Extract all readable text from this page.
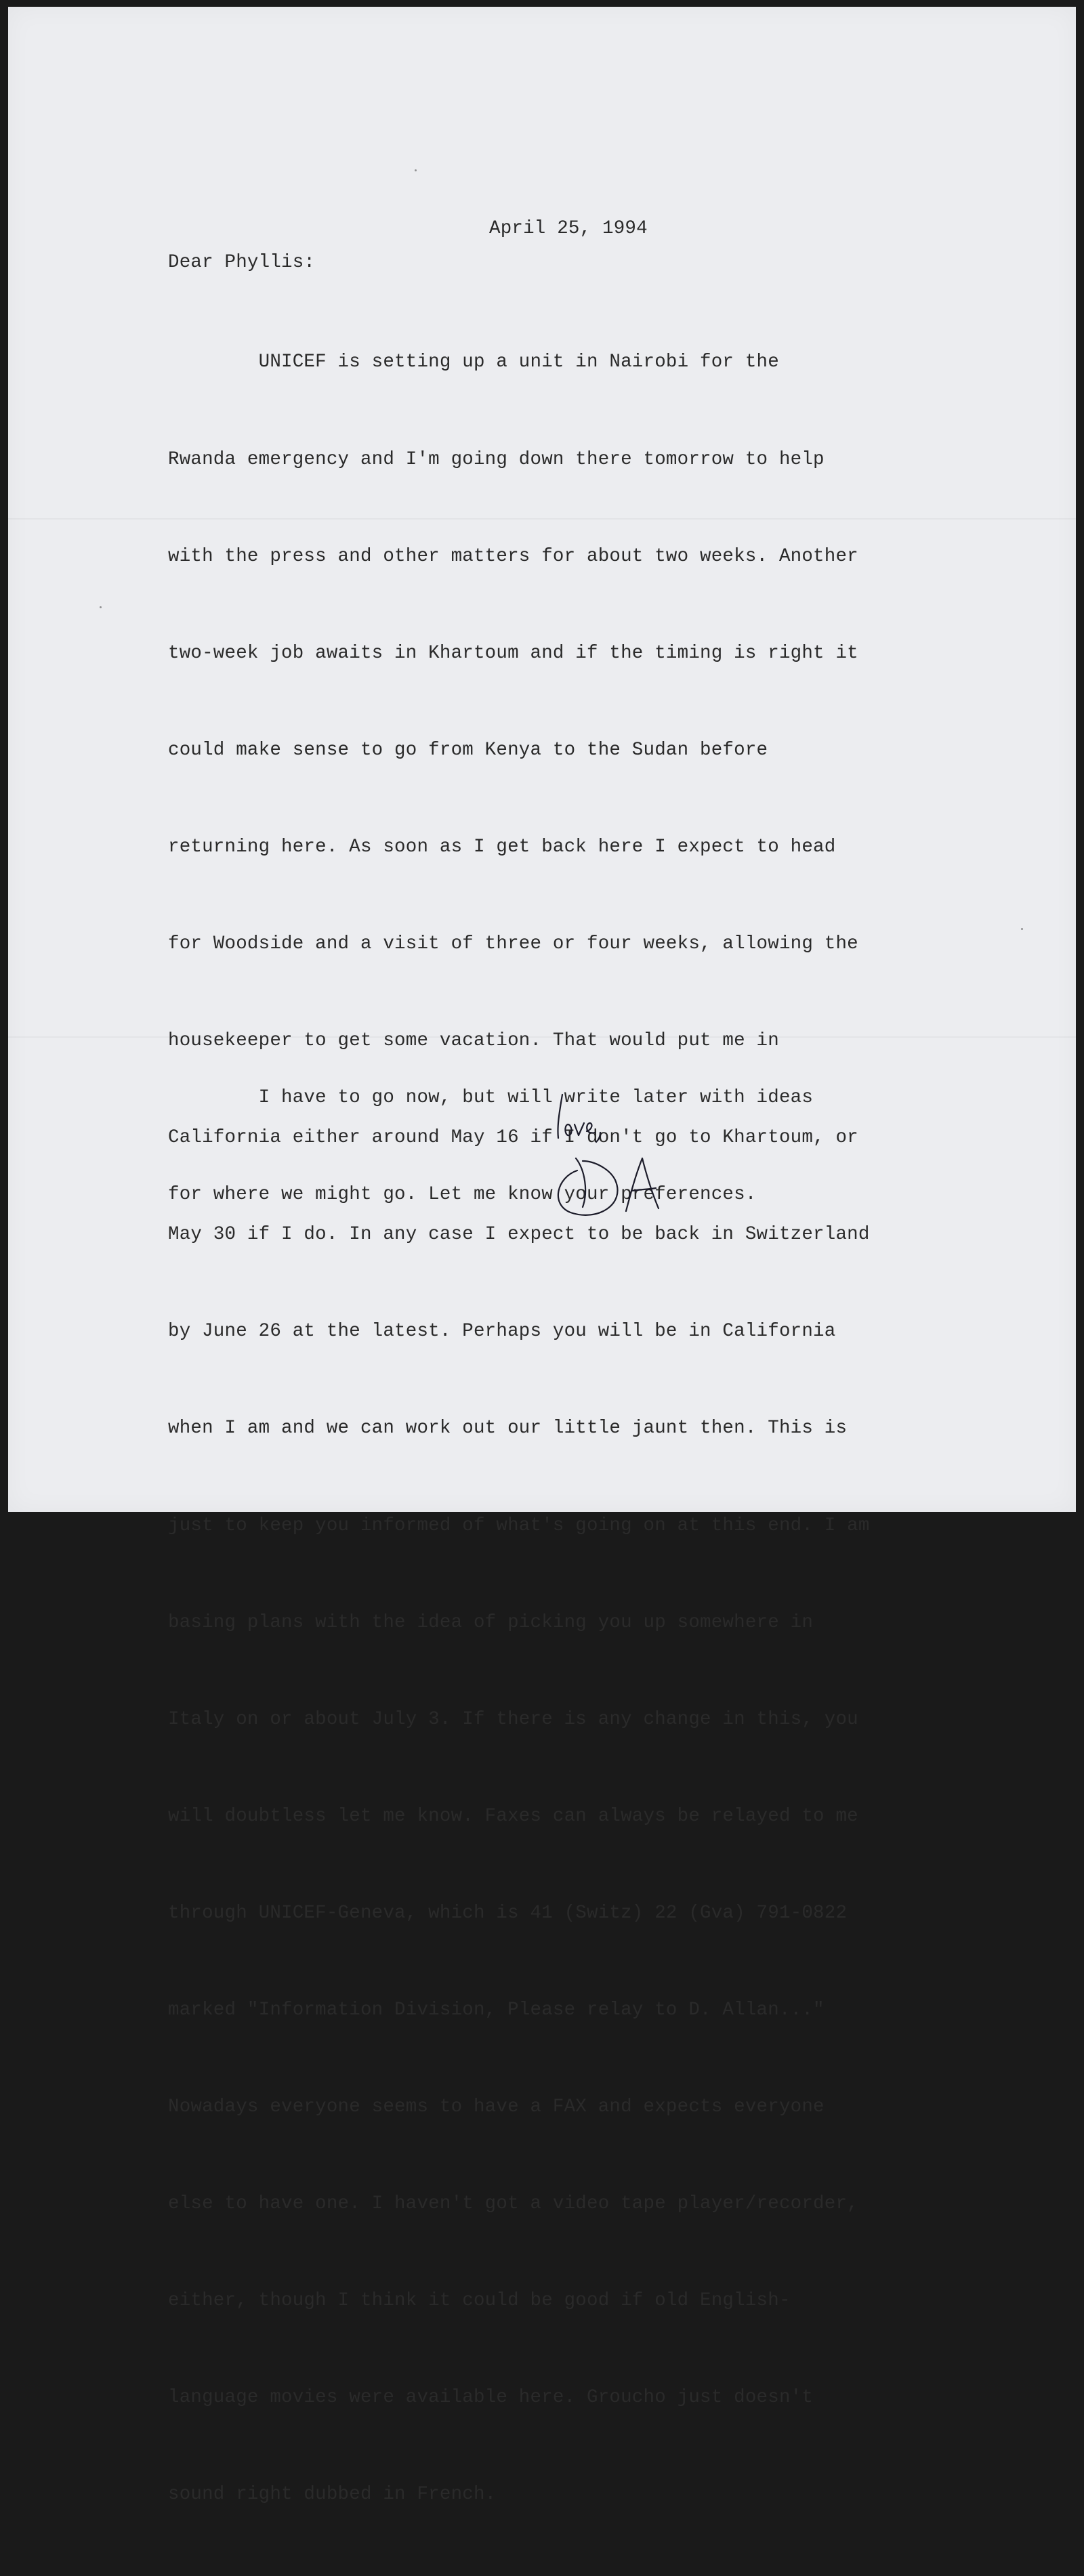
April 25, 1994
Dear Phyllis:

UNICEF is setting up a unit in Nairobi for the

Rwanda emergency and I'm going down there tomorrow to help

with the press and other matters for about two weeks. Another

two-week job awaits in Khartoum and if the timing is right it

could make sense to go from Kenya to the Sudan before

returning here. As soon as I get back here I expect to head

for Woodside and a visit of three or four weeks, allowing the

housekeeper to get some vacation. That would put me in

California either around May 16 if I don't go to Khartoum, or

May 30 if I do. In any case I expect to be back in Switzerland

by June 26 at the latest. Perhaps you will be in California

when I am and we can work out our little jaunt then. This is

just to keep you informed of what's going on at this end. I am

basing plans with the idea of picking you up somewhere in

Italy on or about July 3. If there is any change in this, you

will doubtless let me know. Faxes can always be relayed to me

through UNICEF-Geneva, which is 41 (Switz) 22 (Gva) 791-0822

marked "Information Division, Please relay to D. Allan..."

Nowadays everyone seems to have a FAX and expects everyone

else to have one. I haven't got a video tape player/recorder,

either, though I think it could be good if old English-

language movies were available here. Groucho just doesn't

sound right dubbed in French.

I have to go now, but will write later with ideas

for where we might go. Let me know your preferences.
